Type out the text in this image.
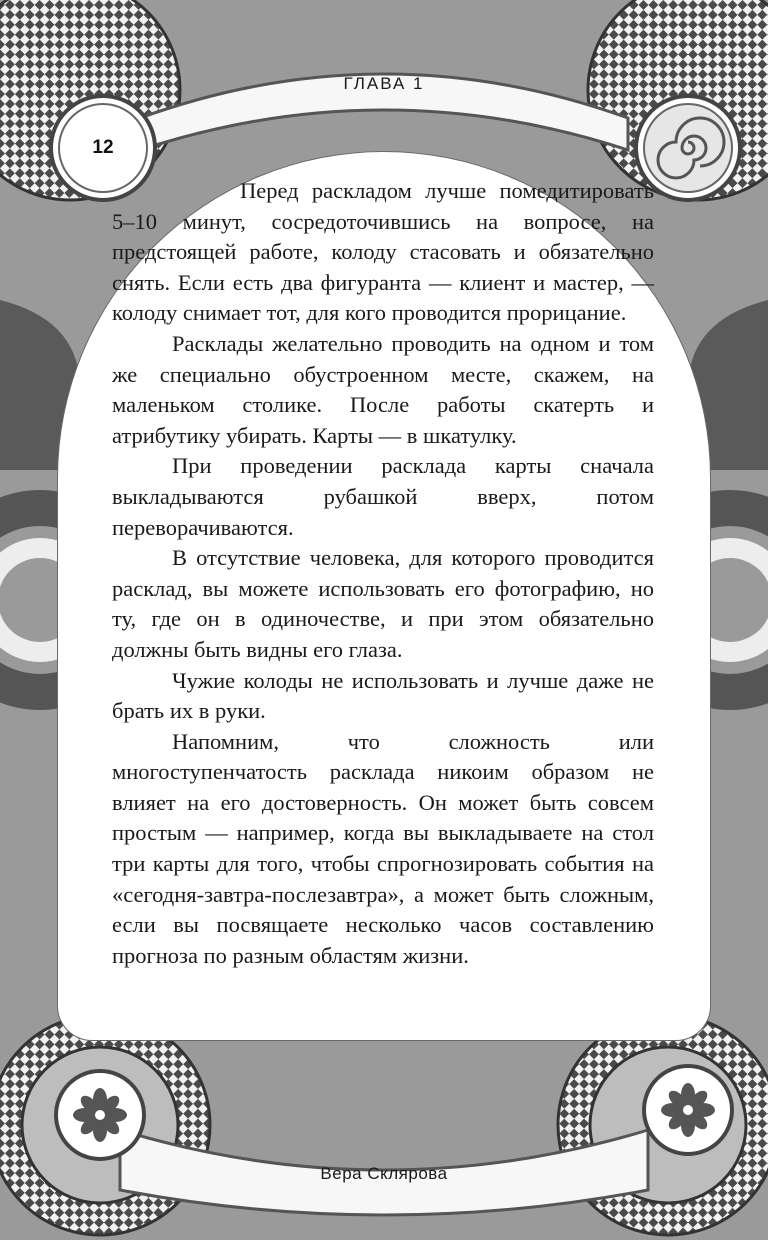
ГЛАВА 1
12

Перед раскладом лучше помедитировать 5–10 минут, сосредоточившись на вопросе, на предстоящей работе, колоду стасовать и обязательно снять. Если есть два фигуранта — клиент и мастер, — колоду снимает тот, для кого проводится прорицание.

Расклады желательно проводить на одном и том же специально обустроенном месте, скажем, на маленьком столике. После работы скатерть и атрибутику убирать. Карты — в шкатулку.

При проведении расклада карты сначала выкладываются рубашкой вверх, потом переворачиваются.

В отсутствие человека, для которого проводится расклад, вы можете использовать его фотографию, но ту, где он в одиночестве, и при этом обязательно должны быть видны его глаза.

Чужие колоды не использовать и лучше даже не брать их в руки.

Напомним, что сложность или многоступенчатость расклада никоим образом не влияет на его достоверность. Он может быть совсем простым — например, когда вы выкладываете на стол три карты для того, чтобы спрогнозировать события на «сегодня-завтра-послезавтра», а может быть сложным, если вы посвящаете несколько часов составлению прогноза по разным областям жизни.

Вера Склярова
